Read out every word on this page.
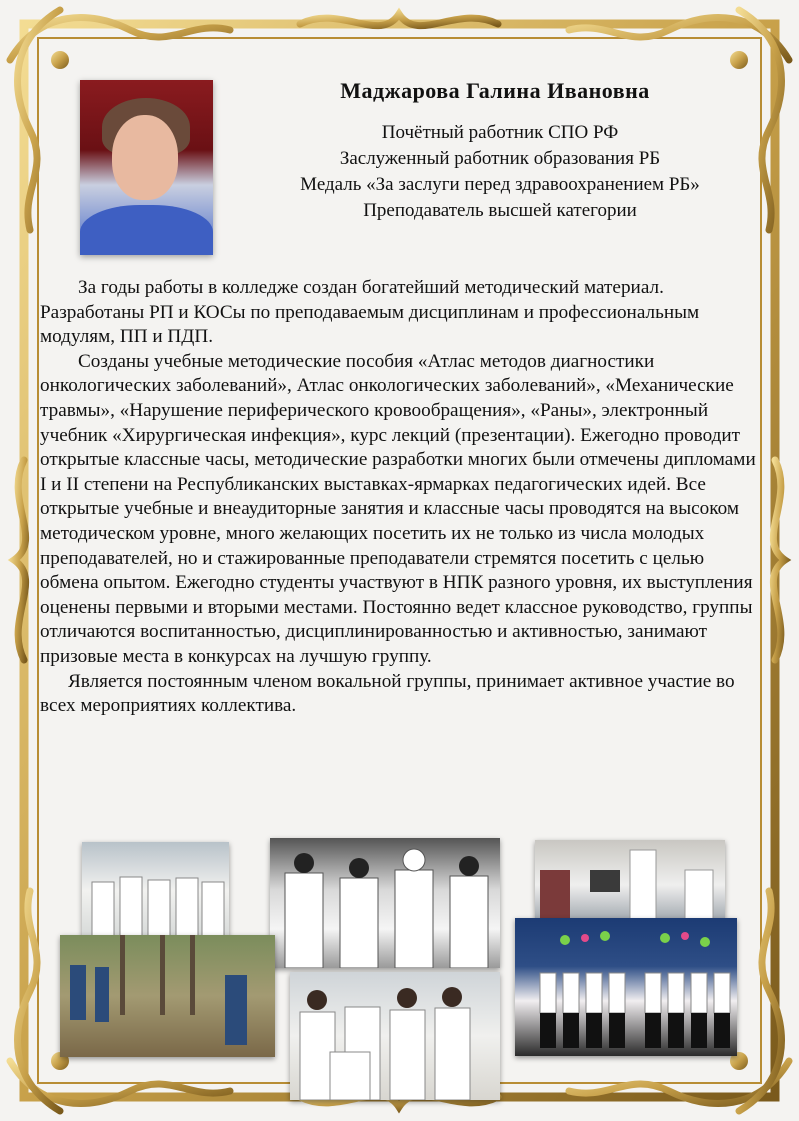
Маджарова Галина Ивановна
Почётный работник СПО РФ
Заслуженный работник образования РБ
Медаль «За заслуги перед здравоохранением РБ»
Преподаватель высшей категории

За годы работы в колледже создан богатейший методический материал. Разработаны РП и КОСы по преподаваемым дисциплинам и профессиональным модулям, ПП и ПДП.

Созданы учебные методические пособия «Атлас методов диагностики онкологических заболеваний», Атлас онкологических заболеваний», «Механические травмы», «Нарушение периферического кровообращения», «Раны», электронный учебник «Хирургическая инфекция», курс лекций (презентации). Ежегодно проводит открытые классные часы, методические разработки многих были отмечены дипломами I и II степени на Республиканских выставках-ярмарках педагогических идей. Все открытые учебные и внеаудиторные занятия и классные часы проводятся на высоком методическом уровне, много желающих посетить их не только из числа молодых преподавателей, но и стажированные преподаватели стремятся посетить с целью обмена опытом. Ежегодно студенты участвуют в НПК разного уровня, их выступления оценены первыми и вторыми местами. Постоянно ведет классное руководство, группы отличаются воспитанностью, дисциплинированностью и активностью, занимают призовые места в конкурсах на лучшую группу.

Является постоянным членом вокальной группы, принимает активное участие во всех мероприятиях коллектива.
